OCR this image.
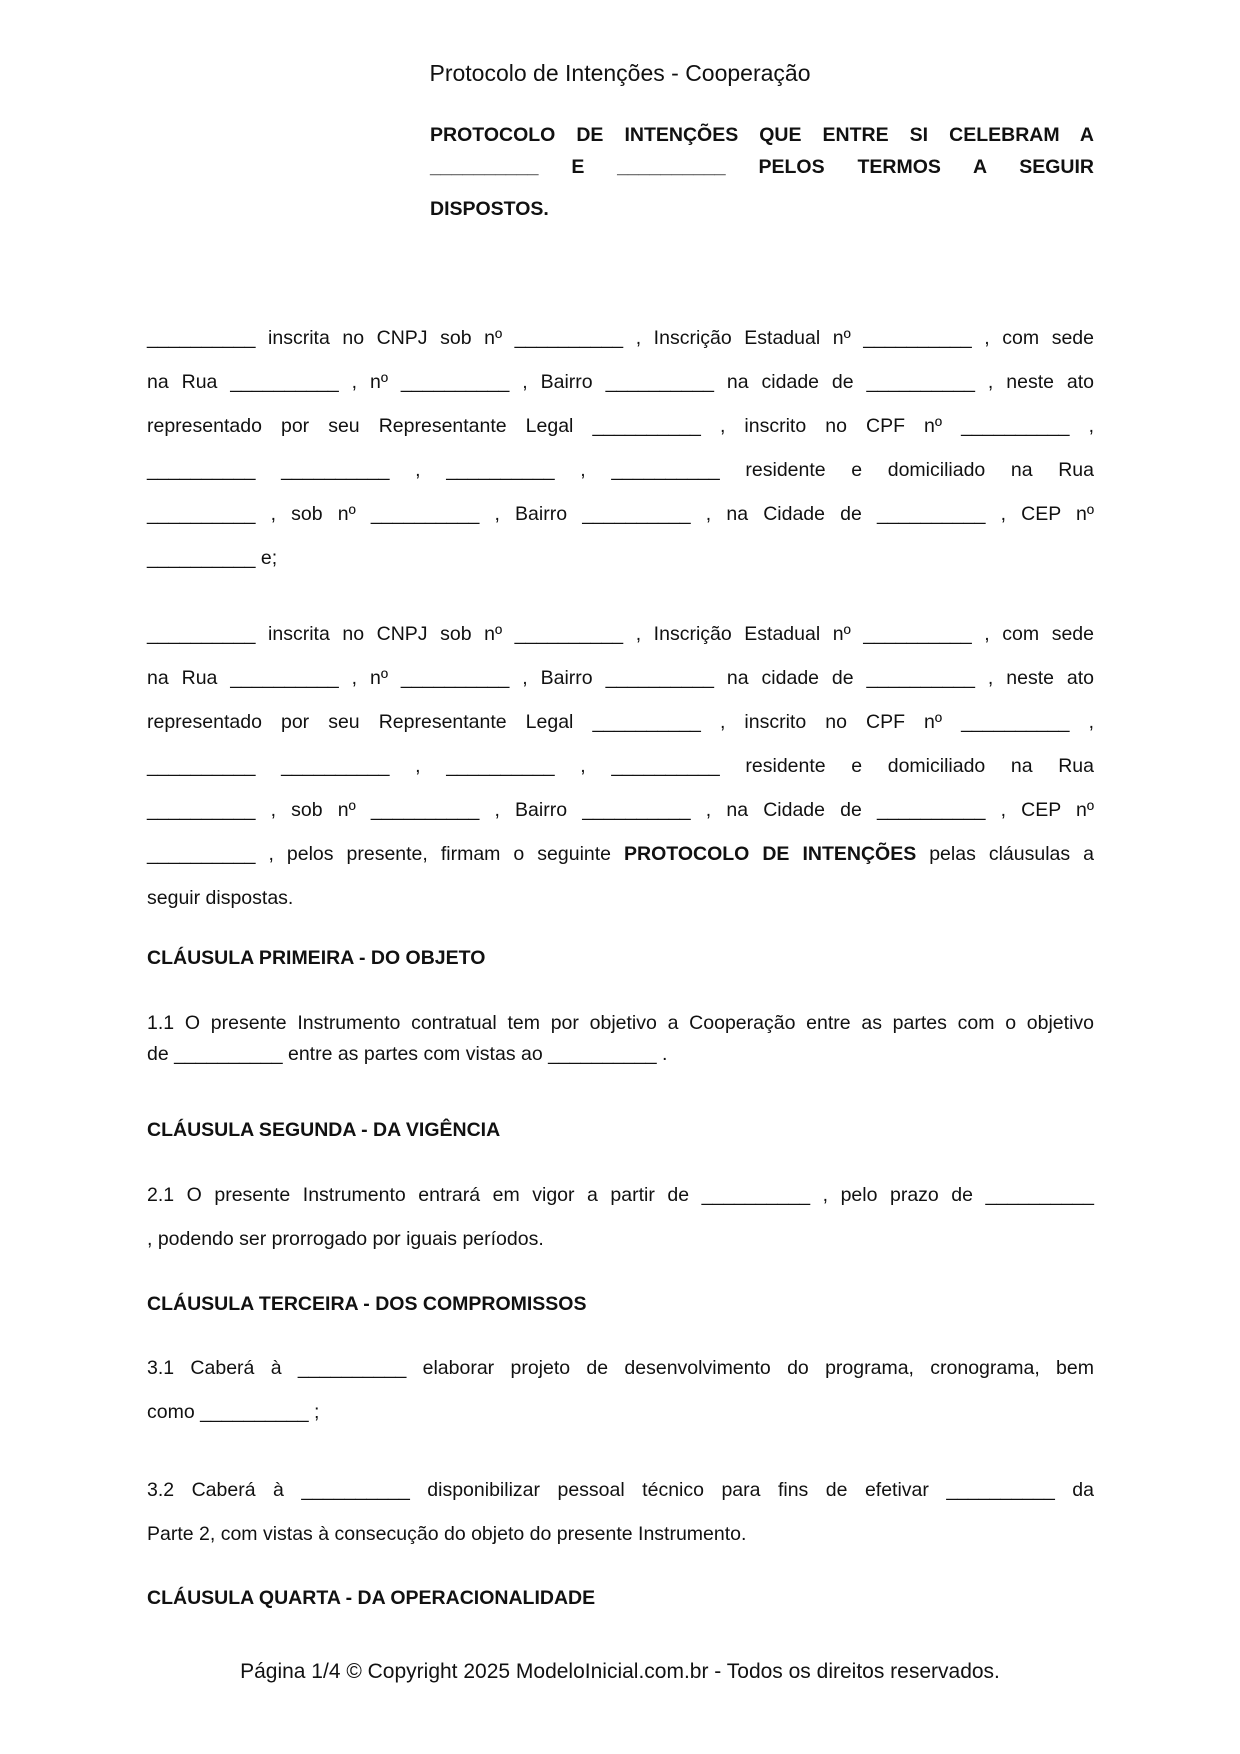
Protocolo de Intenções - Cooperação
PROTOCOLO DE INTENÇÕES QUE ENTRE SI CELEBRAM A
__________ E __________ PELOS TERMOS A SEGUIR
DISPOSTOS.
__________ inscrita no CNPJ sob nº __________ , Inscrição Estadual nº __________ , com sede
na Rua __________ , nº __________ , Bairro __________ na cidade de __________ , neste ato
representado por seu Representante Legal __________ , inscrito no CPF nº __________ ,
__________ __________ , __________ , __________ residente e domiciliado na Rua
__________ , sob nº __________ , Bairro __________ , na Cidade de __________ , CEP nº
__________ e;
__________ inscrita no CNPJ sob nº __________ , Inscrição Estadual nº __________ , com sede
na Rua __________ , nº __________ , Bairro __________ na cidade de __________ , neste ato
representado por seu Representante Legal __________ , inscrito no CPF nº __________ ,
__________ __________ , __________ , __________ residente e domiciliado na Rua
__________ , sob nº __________ , Bairro __________ , na Cidade de __________ , CEP nº
__________ , pelos presente, firmam o seguinte PROTOCOLO DE INTENÇÕES pelas cláusulas a
seguir dispostas.
CLÁUSULA PRIMEIRA - DO OBJETO
1.1 O presente Instrumento contratual tem por objetivo a Cooperação entre as partes com o objetivo
de __________ entre as partes com vistas ao __________ .
CLÁUSULA SEGUNDA - DA VIGÊNCIA
2.1 O presente Instrumento entrará em vigor a partir de __________ , pelo prazo de __________
, podendo ser prorrogado por iguais períodos.
CLÁUSULA TERCEIRA - DOS COMPROMISSOS
3.1 Caberá à __________ elaborar projeto de desenvolvimento do programa, cronograma, bem
como __________ ;
3.2 Caberá à __________ disponibilizar pessoal técnico para fins de efetivar __________ da
Parte 2, com vistas à consecução do objeto do presente Instrumento.
CLÁUSULA QUARTA - DA OPERACIONALIDADE
Página 1/4 © Copyright 2025 ModeloInicial.com.br - Todos os direitos reservados.
